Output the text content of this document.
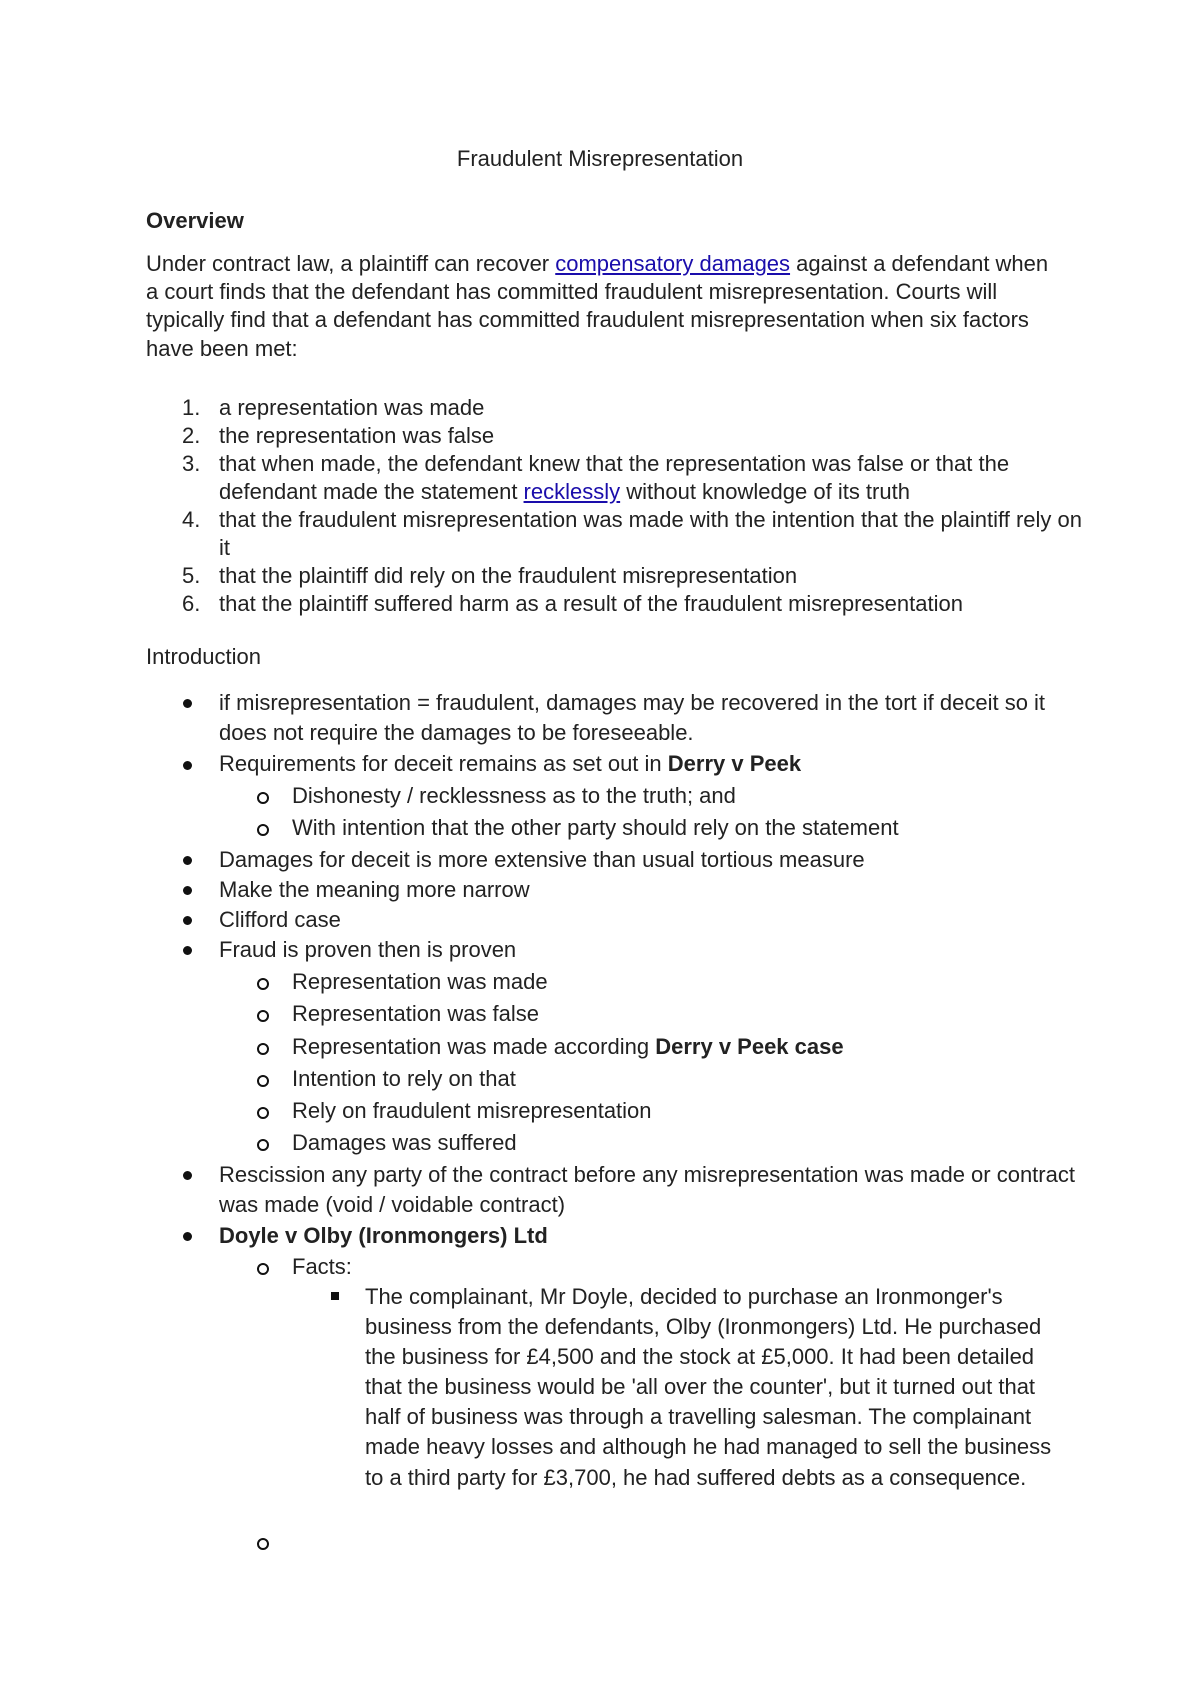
Fraudulent Misrepresentation
Overview

Under contract law, a plaintiff can recover compensatory damages against a defendant when a court finds that the defendant has committed fraudulent misrepresentation. Courts will typically find that a defendant has committed fraudulent misrepresentation when six factors have been met:

1. a representation was made
2. the representation was false
3. that when made, the defendant knew that the representation was false or that the defendant made the statement recklessly without knowledge of its truth

4. that the fraudulent misrepresentation was made with the intention that the plaintiff rely on it
5. that the plaintiff did rely on the fraudulent misrepresentation
6. that the plaintiff suffered harm as a result of the fraudulent misrepresentation
Introduction
if misrepresentation = fraudulent, damages may be recovered in the tort if deceit so it does not require the damages to be foreseeable.
Requirements for deceit remains as set out in Derry v Peek
Dishonesty / recklessness as to the truth; and
With intention that the other party should rely on the statement
Damages for deceit is more extensive than usual tortious measure
Make the meaning more narrow
Clifford case
Fraud is proven then is proven
Representation was made
Representation was false
Representation was made according Derry v Peek case
Intention to rely on that
Rely on fraudulent misrepresentation
Damages was suffered
Rescission any party of the contract before any misrepresentation was made or contract was made (void / voidable contract)
Doyle v Olby (Ironmongers) Ltd
Facts:
The complainant, Mr Doyle, decided to purchase an Ironmonger's business from the defendants, Olby (Ironmongers) Ltd. He purchased the business for £4,500 and the stock at £5,000. It had been detailed that the business would be 'all over the counter', but it turned out that half of business was through a travelling salesman. The complainant made heavy losses and although he had managed to sell the business to a third party for £3,700, he had suffered debts as a consequence.
